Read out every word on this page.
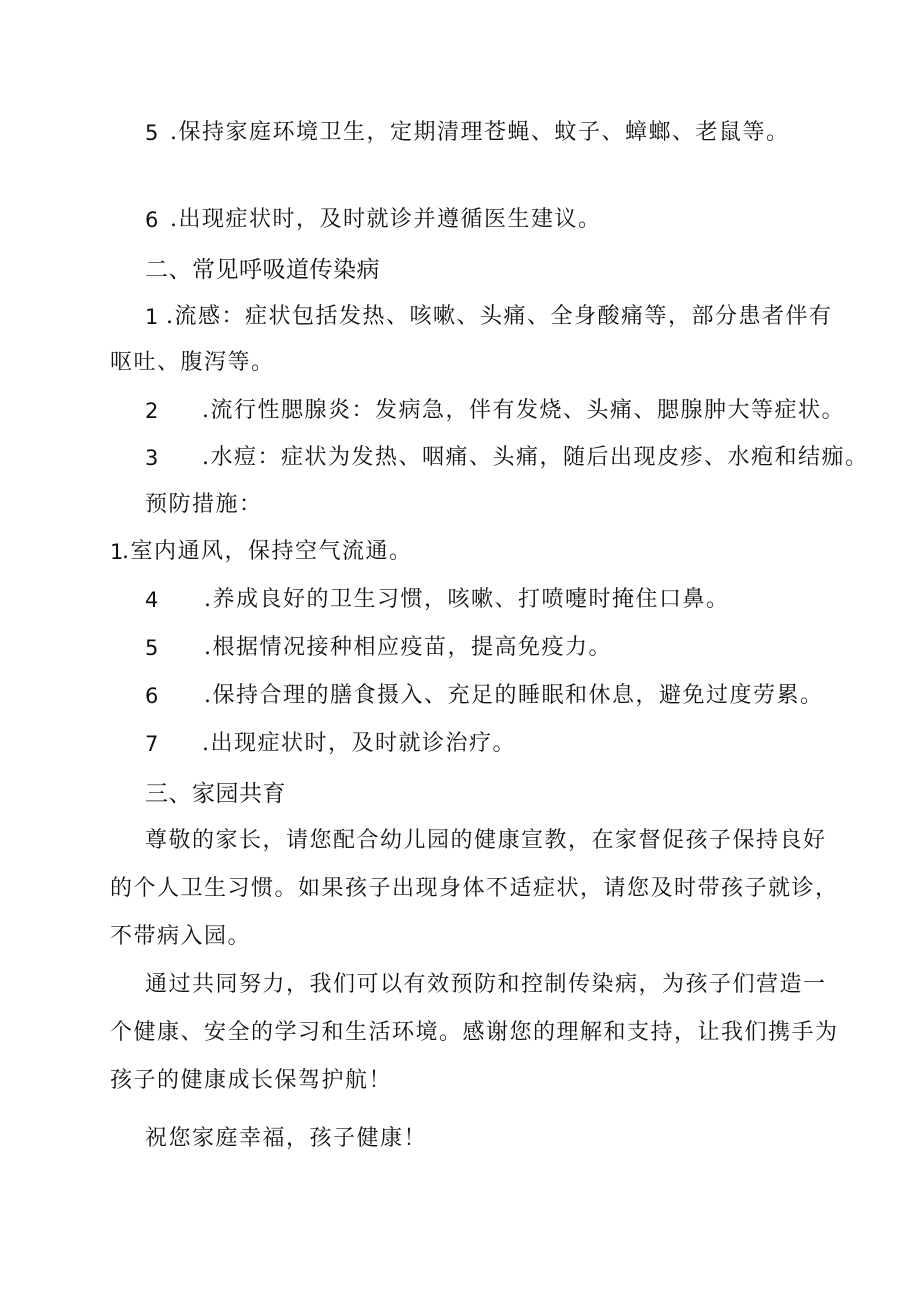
5 .保持家庭环境卫生，定期清理苍蝇、蚊子、蟑螂、老鼠等。
6 .出现症状时，及时就诊并遵循医生建议。
二、常见呼吸道传染病
1 .流感：症状包括发热、咳嗽、头痛、全身酸痛等，部分患者伴有
呕吐、腹泻等。
2 .流行性腮腺炎：发病急，伴有发烧、头痛、腮腺肿大等症状。
3 .水痘：症状为发热、咽痛、头痛，随后出现皮疹、水疱和结痂。
预防措施：
1
.室内通风，保持空气流通。
4 .养成良好的卫生习惯，咳嗽、打喷嚏时掩住口鼻。
5 .根据情况接种相应疫苗，提高免疫力。
6 .保持合理的膳食摄入、充足的睡眠和休息，避免过度劳累。
7 .出现症状时，及时就诊治疗。
三、家园共育
尊敬的家长，请您配合幼儿园的健康宣教，在家督促孩子保持良好
的个人卫生习惯。如果孩子出现身体不适症状，请您及时带孩子就诊，
不带病入园。
通过共同努力，我们可以有效预防和控制传染病，为孩子们营造一
个健康、安全的学习和生活环境。感谢您的理解和支持，让我们携手为
孩子的健康成长保驾护航！
祝您家庭幸福，孩子健康！
